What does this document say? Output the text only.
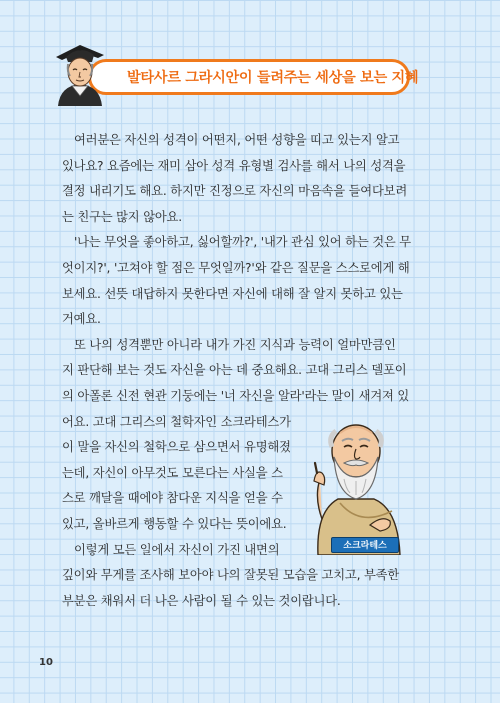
발타사르 그라시안이 들려주는 세상을 보는 지혜
여러분은 자신의 성격이 어떤지, 어떤 성향을 띠고 있는지 알고
있나요? 요즘에는 재미 삼아 성격 유형별 검사를 해서 나의 성격을
결정 내리기도 해요. 하지만 진정으로 자신의 마음속을 들여다보려
는 친구는 많지 않아요.
'나는 무엇을 좋아하고, 싫어할까?', '내가 관심 있어 하는 것은 무
엇이지?', '고쳐야 할 점은 무엇일까?'와 같은 질문을 스스로에게 해
보세요. 선뜻 대답하지 못한다면 자신에 대해 잘 알지 못하고 있는
거예요.
또 나의 성격뿐만 아니라 내가 가진 지식과 능력이 얼마만큼인
지 판단해 보는 것도 자신을 아는 데 중요해요. 고대 그리스 델포이
의 아폴론 신전 현관 기둥에는 '너 자신을 알라'라는 말이 새겨져 있
어요. 고대 그리스의 철학자인 소크라테스가
이 말을 자신의 철학으로 삼으면서 유명해졌
는데, 자신이 아무것도 모른다는 사실을 스
스로 깨달을 때에야 참다운 지식을 얻을 수
있고, 올바르게 행동할 수 있다는 뜻이에요.
이렇게 모든 일에서 자신이 가진 내면의
깊이와 무게를 조사해 보아야 나의 잘못된 모습을 고치고, 부족한
부분은 채워서 더 나은 사람이 될 수 있는 것이랍니다.
소크라테스
10
